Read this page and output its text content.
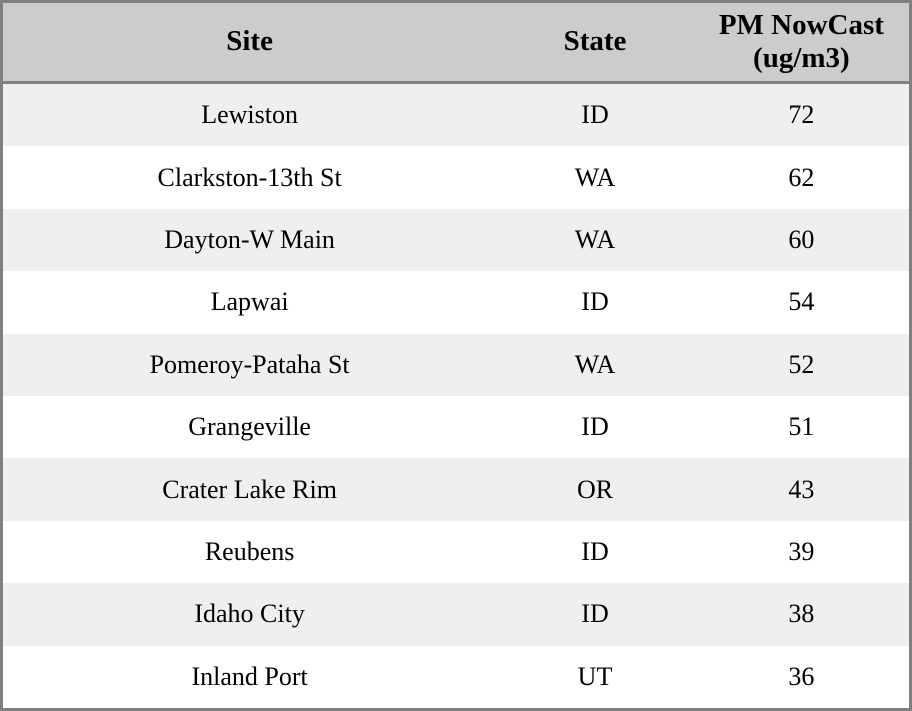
Site	State	PM NowCast (ug/m3)
Lewiston	ID	72
Clarkston-13th St	WA	62
Dayton-W Main	WA	60
Lapwai	ID	54
Pomeroy-Pataha St	WA	52
Grangeville	ID	51
Crater Lake Rim	OR	43
Reubens	ID	39
Idaho City	ID	38
Inland Port	UT	36
